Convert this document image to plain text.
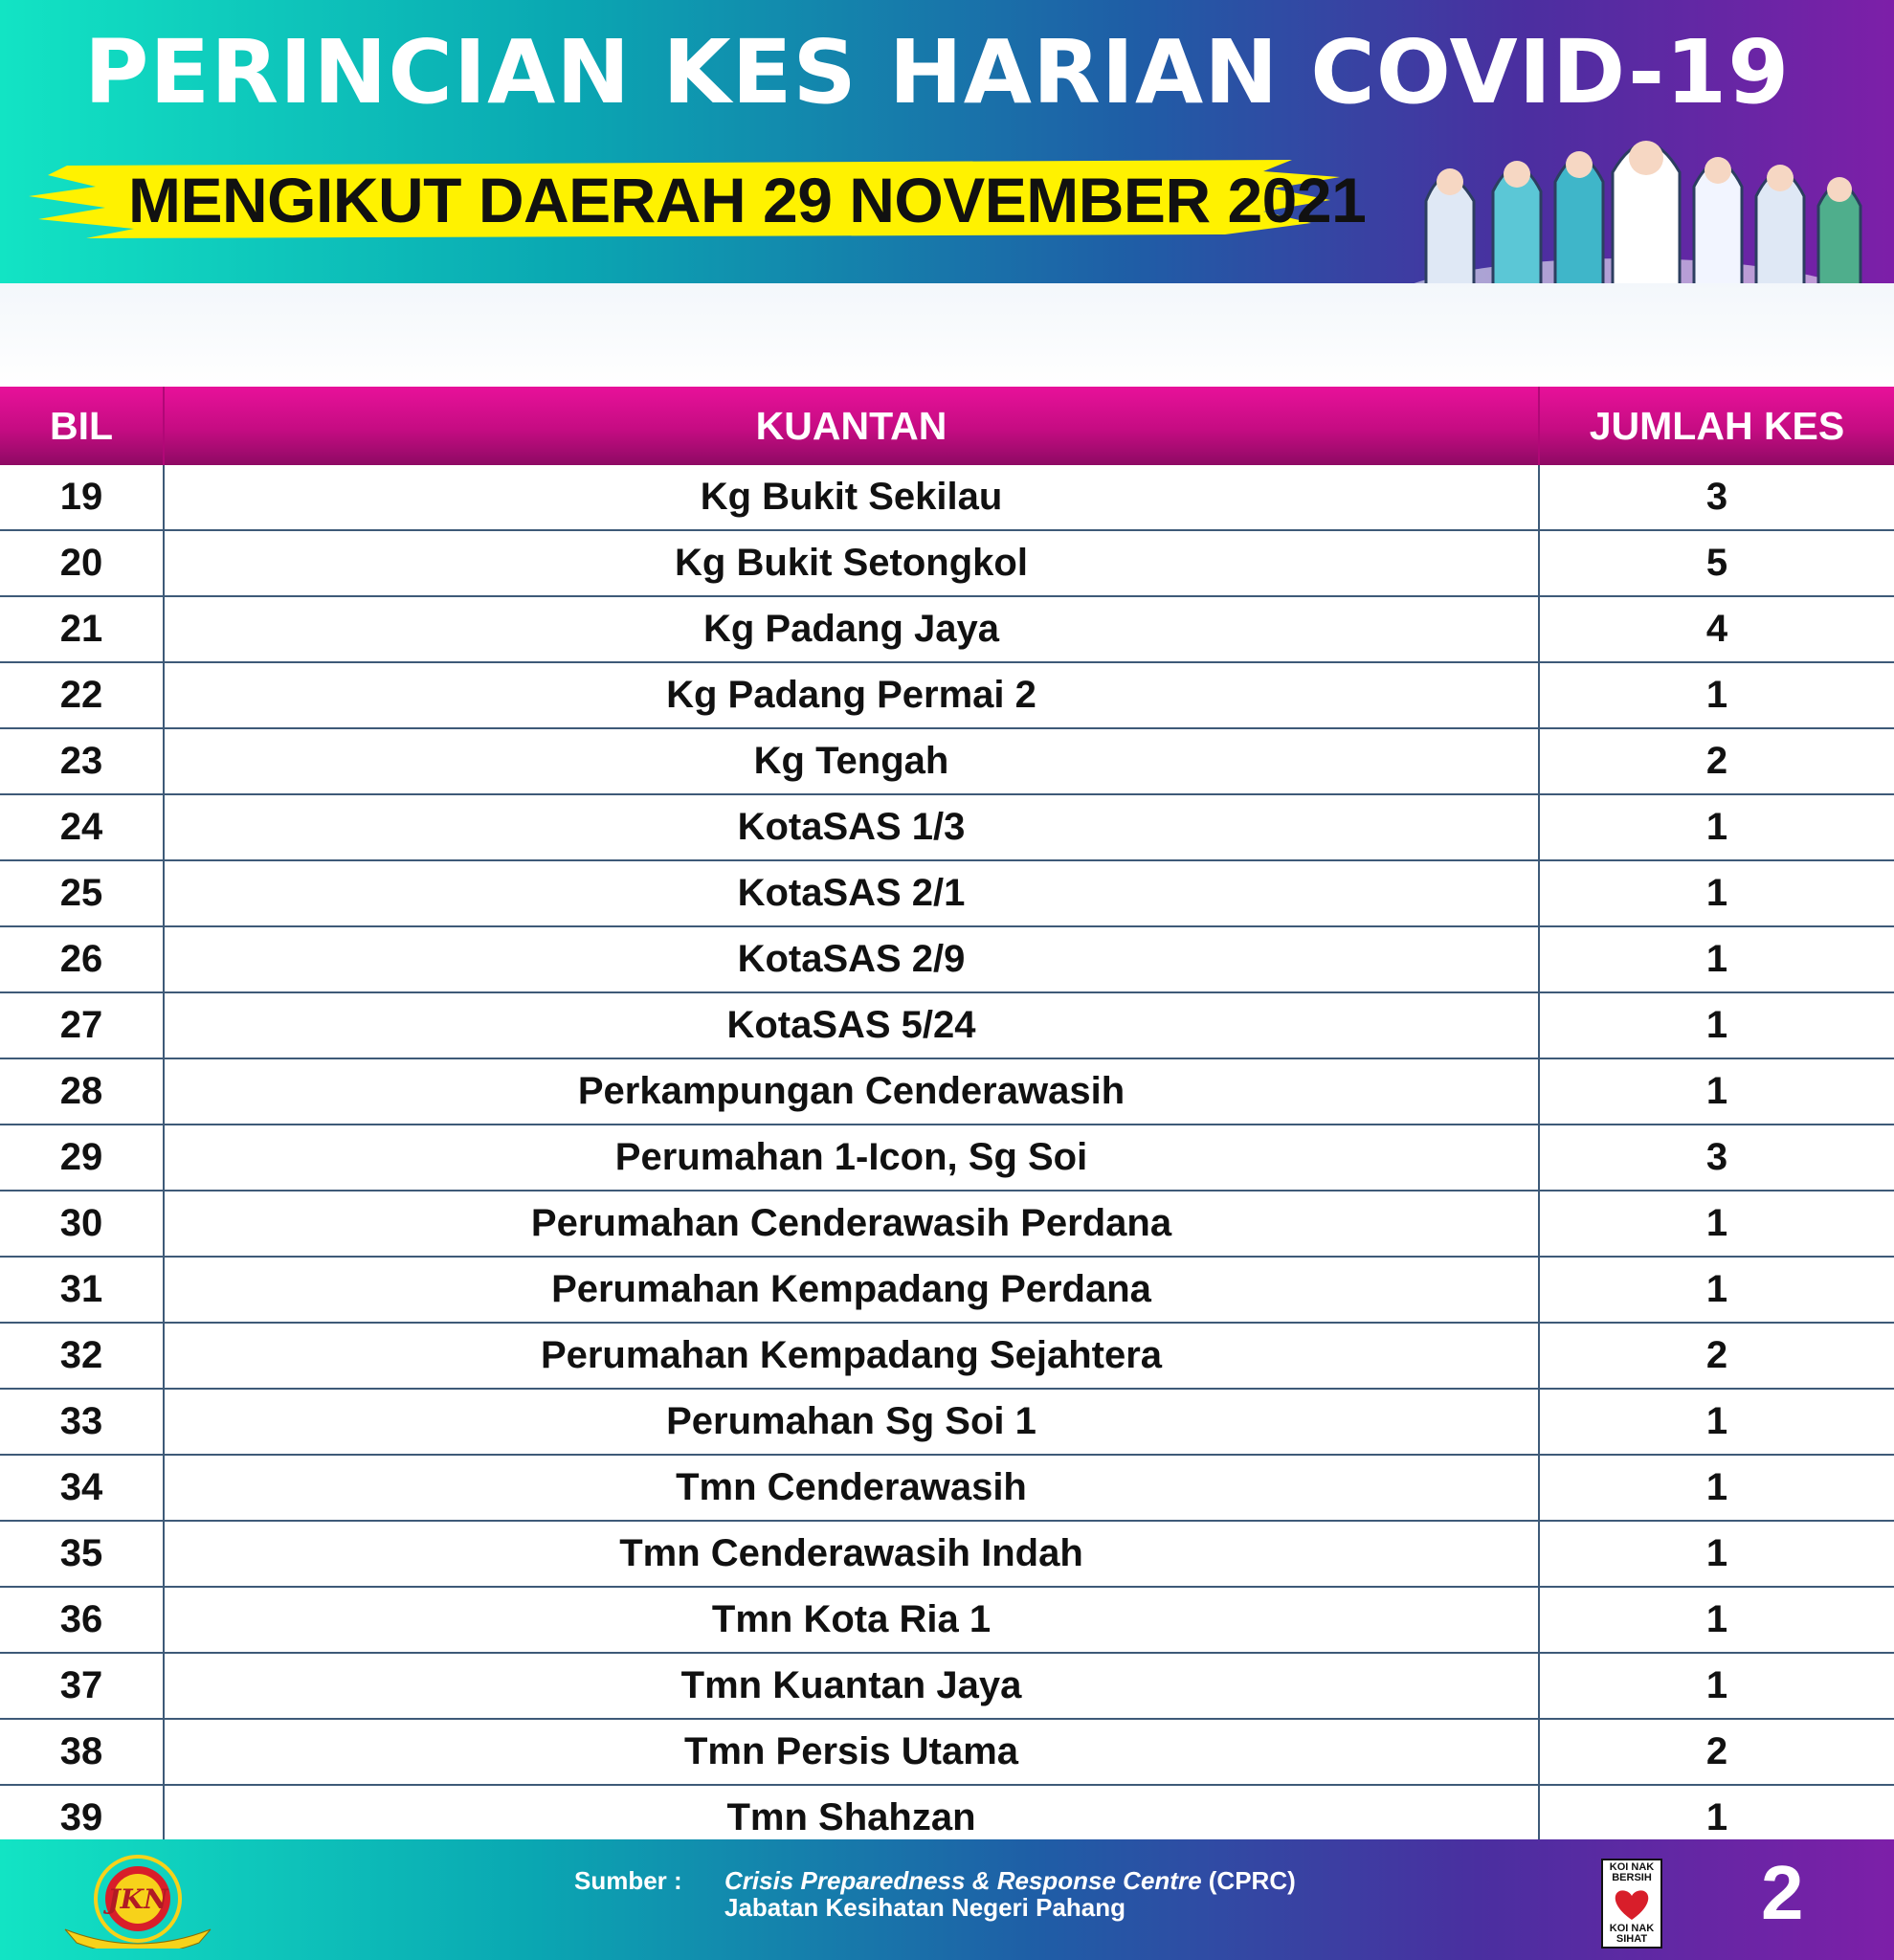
PERINCIAN KES HARIAN COVID-19
MENGIKUT DAERAH 29 NOVEMBER 2021
BIL	KUANTAN	JUMLAH KES
19	Kg Bukit Sekilau	3
20	Kg Bukit Setongkol	5
21	Kg Padang Jaya	4
22	Kg Padang Permai 2	1
23	Kg Tengah	2
24	KotaSAS 1/3	1
25	KotaSAS 2/1	1
26	KotaSAS 2/9	1
27	KotaSAS 5/24	1
28	Perkampungan Cenderawasih	1
29	Perumahan 1-Icon, Sg Soi	3
30	Perumahan Cenderawasih Perdana	1
31	Perumahan Kempadang Perdana	1
32	Perumahan Kempadang Sejahtera	2
33	Perumahan Sg Soi 1	1
34	Tmn Cenderawasih	1
35	Tmn Cenderawasih Indah	1
36	Tmn Kota Ria 1	1
37	Tmn Kuantan Jaya	1
38	Tmn Persis Utama	2
39	Tmn Shahzan	1
JKN
Sumber : Crisis Preparedness & Response Centre (CPRC)
Jabatan Kesihatan Negeri Pahang
KOI NAK BERSIH
KOI NAK SIHAT
2
